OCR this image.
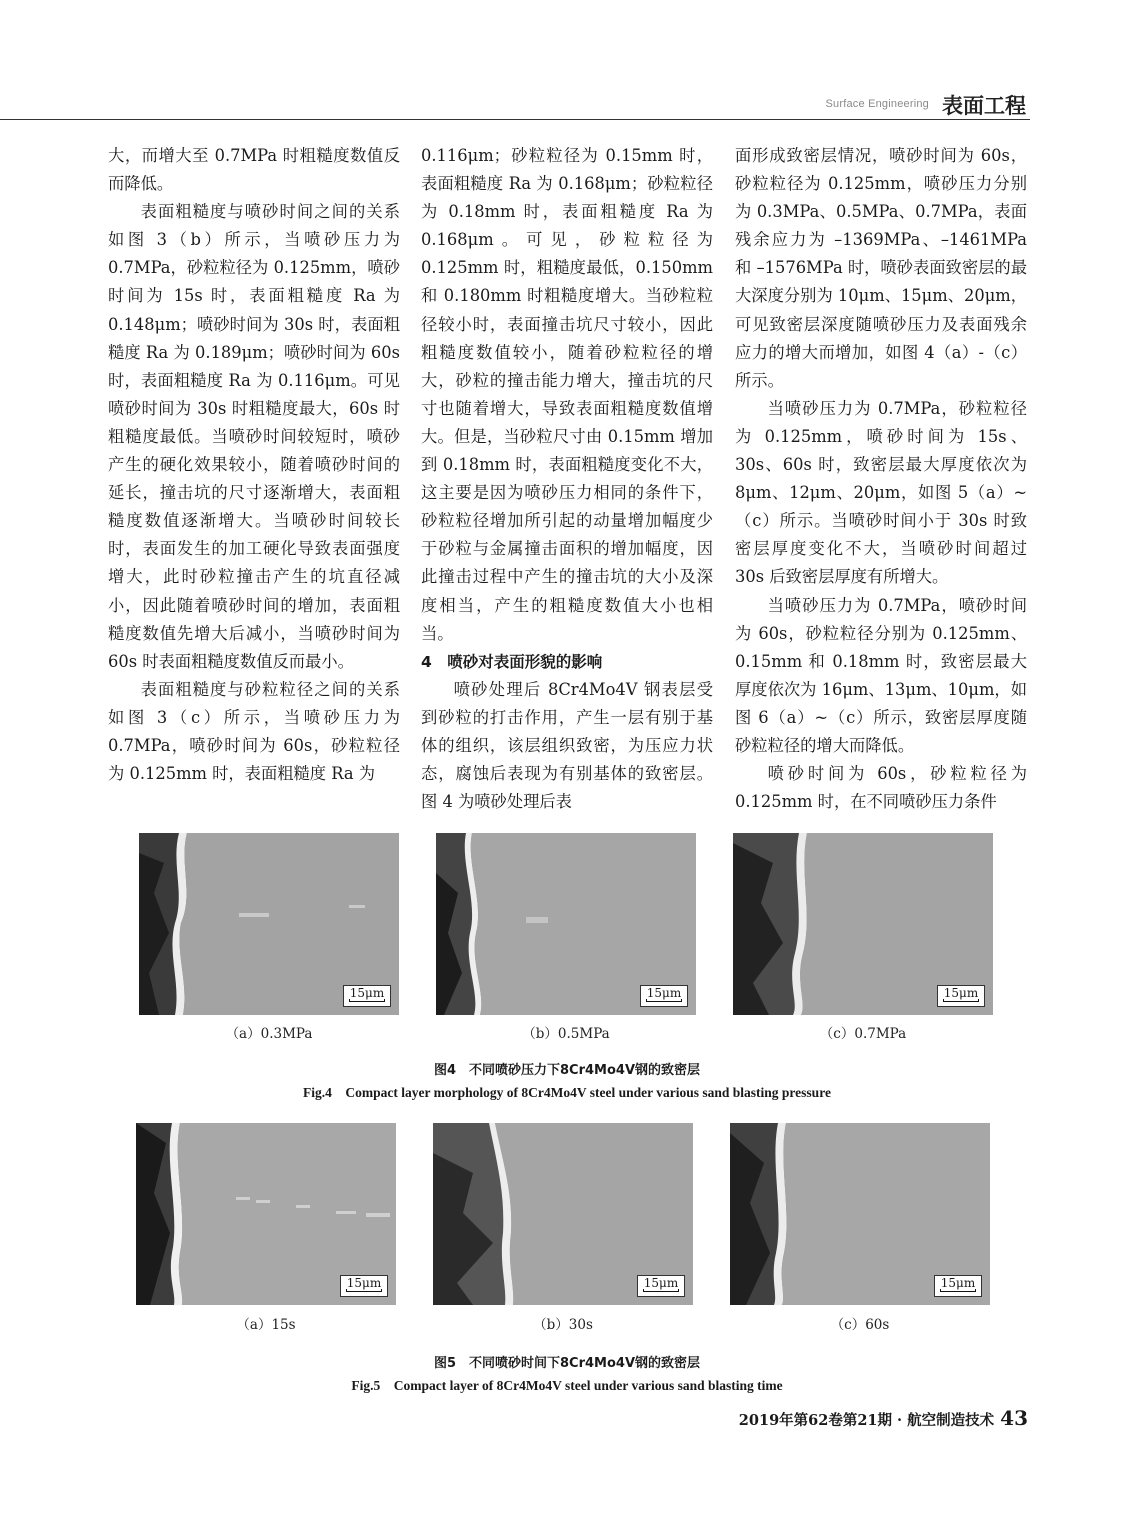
Surface Engineering 表面工程

大，而增大至 0.7MPa 时粗糙度数值反而降低。

表面粗糙度与喷砂时间之间的关系如图 3（b）所示，当喷砂压力为 0.7MPa，砂粒粒径为 0.125mm，喷砂时间为 15s 时，表面粗糙度 Ra 为 0.148μm；喷砂时间为 30s 时，表面粗糙度 Ra 为 0.189μm；喷砂时间为 60s 时，表面粗糙度 Ra 为 0.116μm。可见喷砂时间为 30s 时粗糙度最大，60s 时粗糙度最低。当喷砂时间较短时，喷砂产生的硬化效果较小，随着喷砂时间的延长，撞击坑的尺寸逐渐增大，表面粗糙度数值逐渐增大。当喷砂时间较长时，表面发生的加工硬化导致表面强度增大，此时砂粒撞击产生的坑直径减小，因此随着喷砂时间的增加，表面粗糙度数值先增大后减小，当喷砂时间为 60s 时表面粗糙度数值反而最小。

表面粗糙度与砂粒粒径之间的关系如图 3（c）所示，当喷砂压力为 0.7MPa，喷砂时间为 60s，砂粒粒径为 0.125mm 时，表面粗糙度 Ra 为

0.116μm；砂粒粒径为 0.15mm 时，表面粗糙度 Ra 为 0.168μm；砂粒粒径为 0.18mm 时，表面粗糙度 Ra 为 0.168μm。可见，砂粒粒径为 0.125mm 时，粗糙度最低，0.150mm 和 0.180mm 时粗糙度增大。当砂粒粒径较小时，表面撞击坑尺寸较小，因此粗糙度数值较小，随着砂粒粒径的增大，砂粒的撞击能力增大，撞击坑的尺寸也随着增大，导致表面粗糙度数值增大。但是，当砂粒尺寸由 0.15mm 增加到 0.18mm 时，表面粗糙度变化不大，这主要是因为喷砂压力相同的条件下，砂粒粒径增加所引起的动量增加幅度少于砂粒与金属撞击面积的增加幅度，因此撞击过程中产生的撞击坑的大小及深度相当，产生的粗糙度数值大小也相当。

4　喷砂对表面形貌的影响

喷砂处理后 8Cr4Mo4V 钢表层受到砂粒的打击作用，产生一层有别于基体的组织，该层组织致密，为压应力状态，腐蚀后表现为有别基体的致密层。图 4 为喷砂处理后表

面形成致密层情况，喷砂时间为 60s，砂粒粒径为 0.125mm，喷砂压力分别为 0.3MPa、0.5MPa、0.7MPa，表面残余应力为 –1369MPa、–1461MPa 和 –1576MPa 时，喷砂表面致密层的最大深度分别为 10μm、15μm、20μm，可见致密层深度随喷砂压力及表面残余应力的增大而增加，如图 4（a）-（c）所示。

当喷砂压力为 0.7MPa，砂粒粒径为 0.125mm，喷砂时间为 15s、30s、60s 时，致密层最大厚度依次为 8μm、12μm、20μm，如图 5（a）~（c）所示。当喷砂时间小于 30s 时致密层厚度变化不大，当喷砂时间超过 30s 后致密层厚度有所增大。

当喷砂压力为 0.7MPa，喷砂时间为 60s，砂粒粒径分别为 0.125mm、0.15mm 和 0.18mm 时，致密层最大厚度依次为 16μm、13μm、10μm，如图 6（a）~（c）所示，致密层厚度随砂粒粒径的增大而降低。

喷砂时间为 60s，砂粒粒径为 0.125mm 时，在不同喷砂压力条件

15μm	15μm	15μm
（a）0.3MPa	（b）0.5MPa	（c）0.7MPa
图4　不同喷砂压力下8Cr4Mo4V钢的致密层
Fig.4　Compact layer morphology of 8Cr4Mo4V steel under various sand blasting pressure
15μm	15μm	15μm
（a）15s	（b）30s	（c）60s
图5　不同喷砂时间下8Cr4Mo4V钢的致密层
Fig.5　Compact layer of 8Cr4Mo4V steel under various sand blasting time
2019年第62卷第21期 · 航空制造技术 43
